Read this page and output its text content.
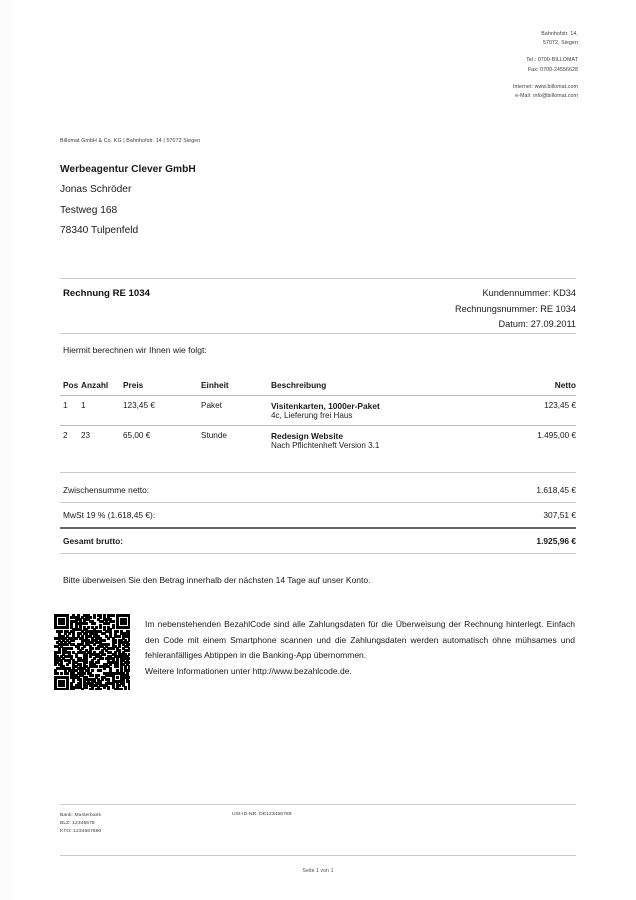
Bahnhofstr. 14,
57072, Siegen
Tel.: 0700-BILLOMAT
Fax: 0700-24556628
Internet: www.billomat.com
e-Mail: info@billomat.com
Billomat GmbH & Co. KG | Bahnhofstr. 14 | 57072 Siegen
Werbeagentur Clever GmbH
Jonas Schröder
Testweg 168
78340 Tulpenfeld
Rechnung RE 1034	Kundennummer: KD34
Rechnungsnummer: RE 1034
Datum: 27.09.2011
Hiermit berechnen wir Ihnen wie folgt:
Pos	Anzahl	Preis	Einheit	Beschreibung	Netto
1	1	123,45 €	Paket	Visitenkarten, 1000er-Paket	123,45 €
				4c, Lieferung frei Haus	
2	23	65,00 €	Stunde	Redesign Website	1.495,00 €
				Nach Pflichtenheft Version 3.1	
Zwischensumme netto:	1.618,45 €
MwSt 19 % (1.618,45 €):	307,51 €
Gesamt brutto:	1.925,96 €
Bitte überweisen Sie den Betrag innerhalb der nächsten 14 Tage auf unser Konto.

Im nebenstehenden BezahlCode sind alle Zahlungsdaten für die Überweisung der Rechnung hinterlegt. Einfach den Code mit einem Smartphone scannen und die Zahlungsdaten werden automatisch ohne mühsames und fehleranfälliges Abtippen in die Banking-App übernommen.

Weitere Informationen unter http://www.bezahlcode.de.

Bank: Musterbank
BLZ: 12345678
KTO: 1234567890
USt-ID-NR. DE123456789
Seite 1 von 1
